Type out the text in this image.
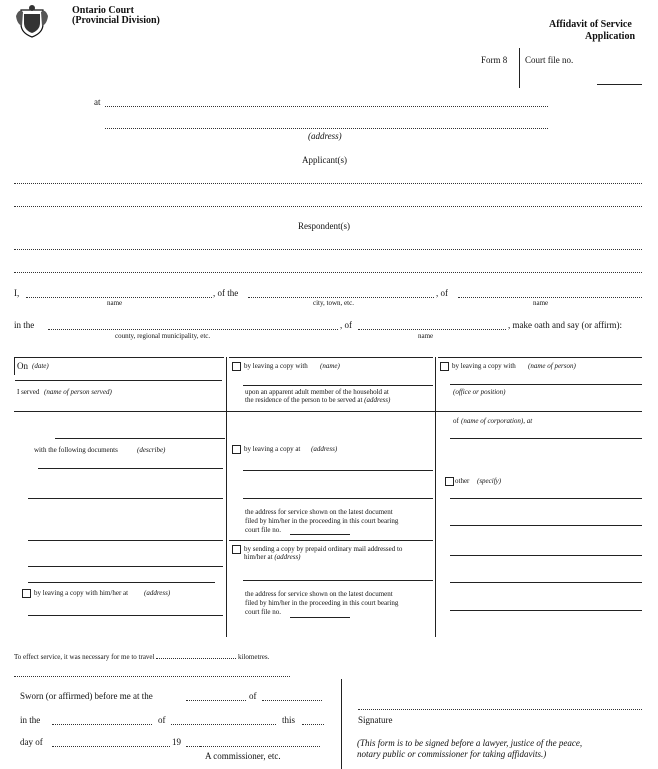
Ontario Court
(Provincial Division)	Affidavit of Service
Application
Form 8 Court file no.
at
(address)
Applicant(s)
Respondent(s)
I,	, of the	, of
name	city, town, etc.	name
in the	, of	, make oath and say (or affirm):
county, regional municipality, etc.	name
On (date)
I served (name of person served)
with the following documents	(describe)
by leaving a copy with him/her at (address)
by leaving a copy with (name)
upon an apparent adult member of the household at
the residence of the person to be served at (address)
by leaving a copy at (address)
the address for service shown on the latest document
filed by him/her in the proceeding in this court bearing
court file no.
by sending a copy by prepaid ordinary mail addressed to
him/her at (address)
the address for service shown on the latest document
filed by him/her in the proceeding in this court bearing
court file no.
by leaving a copy with (name of person)
(office or position)
of (name of corporation), at
other (specify)
To effect service, it was necessary for me to travel	kilometres.
Sworn (or affirmed) before me at the	of
in the	of	this
day of	19
A commissioner, etc.
Signature
(This form is to be signed before a lawyer, justice of the peace,
notary public or commissioner for taking affidavits.)
